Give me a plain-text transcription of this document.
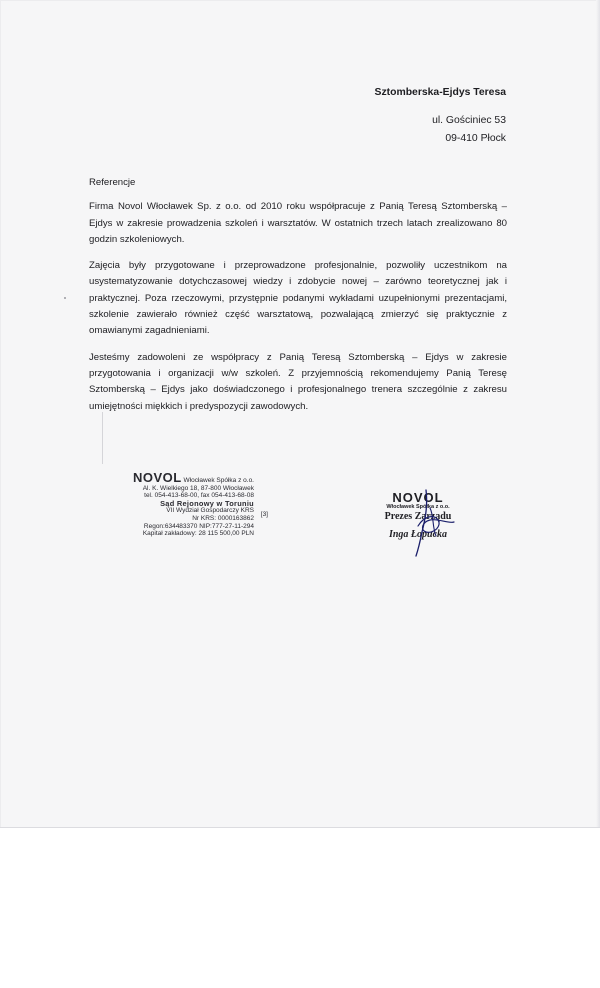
Sztomberska-Ejdys Teresa
ul. Gościniec 53
09-410 Płock

Referencje

Firma Novol Włocławek Sp. z o.o. od 2010 roku współpracuje z Panią Teresą Sztomberską – Ejdys w zakresie prowadzenia szkoleń i warsztatów. W ostatnich trzech latach zrealizowano 80 godzin szkoleniowych.

Zajęcia były przygotowane i przeprowadzone profesjonalnie, pozwoliły uczestnikom na usystematyzowanie dotychczasowej wiedzy i zdobycie nowej – zarówno teoretycznej jak i praktycznej. Poza rzeczowymi, przystępnie podanymi wykładami uzupełnionymi prezentacjami, szkolenie zawierało również część warsztatową, pozwalającą zmierzyć się praktycznie z omawianymi zagadnieniami.

Jesteśmy zadowoleni ze współpracy z Panią Teresą Sztomberską – Ejdys w zakresie przygotowania i organizacji w/w szkoleń. Z przyjemnością rekomendujemy Panią Teresę Sztomberską – Ejdys jako doświadczonego i profesjonalnego trenera szczególnie z zakresu umiejętności miękkich i predyspozycji zawodowych.

NOVOL Włocławek Spółka z o.o.
Al. K. Wielkiego 18, 87-800 Włocławek
tel. 054-413-68-00, fax 054-413-68-08
Sąd Rejonowy w Toruniu
VII Wydział Gospodarczy KRS
Nr KRS: 0000163862
[3]
Regon:634483370 NIP:777-27-11-294
Kapitał zakładowy: 28 115 500,00 PLN
NOVOL
Włocławek Spółka z o.o.
Prezes Zarządu
Inga Łopucka
